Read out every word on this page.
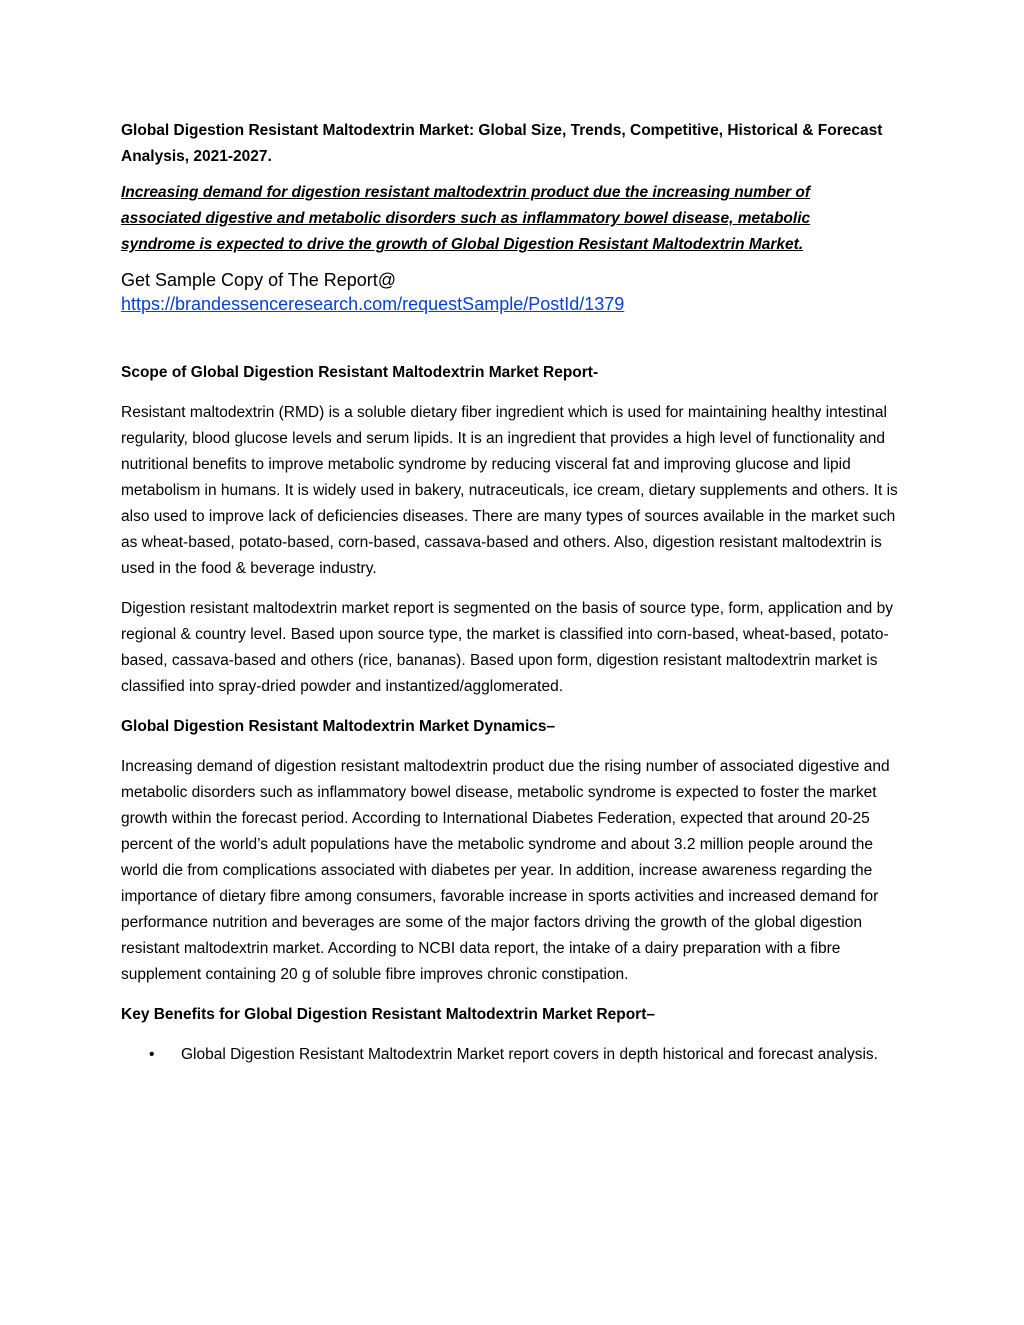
Global Digestion Resistant Maltodextrin Market: Global Size, Trends, Competitive, Historical & Forecast Analysis, 2021-2027.

Increasing demand for digestion resistant maltodextrin product due the increasing number of associated digestive and metabolic disorders such as inflammatory bowel disease, metabolic syndrome is expected to drive the growth of Global Digestion Resistant Maltodextrin Market.

Get Sample Copy of The Report@
https://brandessenceresearch.com/requestSample/PostId/1379

Scope of Global Digestion Resistant Maltodextrin Market Report-

Resistant maltodextrin (RMD) is a soluble dietary fiber ingredient which is used for maintaining healthy intestinal regularity, blood glucose levels and serum lipids. It is an ingredient that provides a high level of functionality and nutritional benefits to improve metabolic syndrome by reducing visceral fat and improving glucose and lipid metabolism in humans. It is widely used in bakery, nutraceuticals, ice cream, dietary supplements and others. It is also used to improve lack of deficiencies diseases. There are many types of sources available in the market such as wheat-based, potato-based, corn-based, cassava-based and others. Also, digestion resistant maltodextrin is used in the food & beverage industry.

Digestion resistant maltodextrin market report is segmented on the basis of source type, form, application and by regional & country level. Based upon source type, the market is classified into corn-based, wheat-based, potato-based, cassava-based and others (rice, bananas). Based upon form, digestion resistant maltodextrin market is classified into spray-dried powder and instantized/agglomerated.

Global Digestion Resistant Maltodextrin Market Dynamics–

Increasing demand of digestion resistant maltodextrin product due the rising number of associated digestive and metabolic disorders such as inflammatory bowel disease, metabolic syndrome is expected to foster the market growth within the forecast period. According to International Diabetes Federation, expected that around 20-25 percent of the world’s adult populations have the metabolic syndrome and about 3.2 million people around the world die from complications associated with diabetes per year. In addition, increase awareness regarding the importance of dietary fibre among consumers, favorable increase in sports activities and increased demand for performance nutrition and beverages are some of the major factors driving the growth of the global digestion resistant maltodextrin market. According to NCBI data report, the intake of a dairy preparation with a fibre supplement containing 20 g of soluble fibre improves chronic constipation.

Key Benefits for Global Digestion Resistant Maltodextrin Market Report–

• Global Digestion Resistant Maltodextrin Market report covers in depth historical and forecast analysis.
